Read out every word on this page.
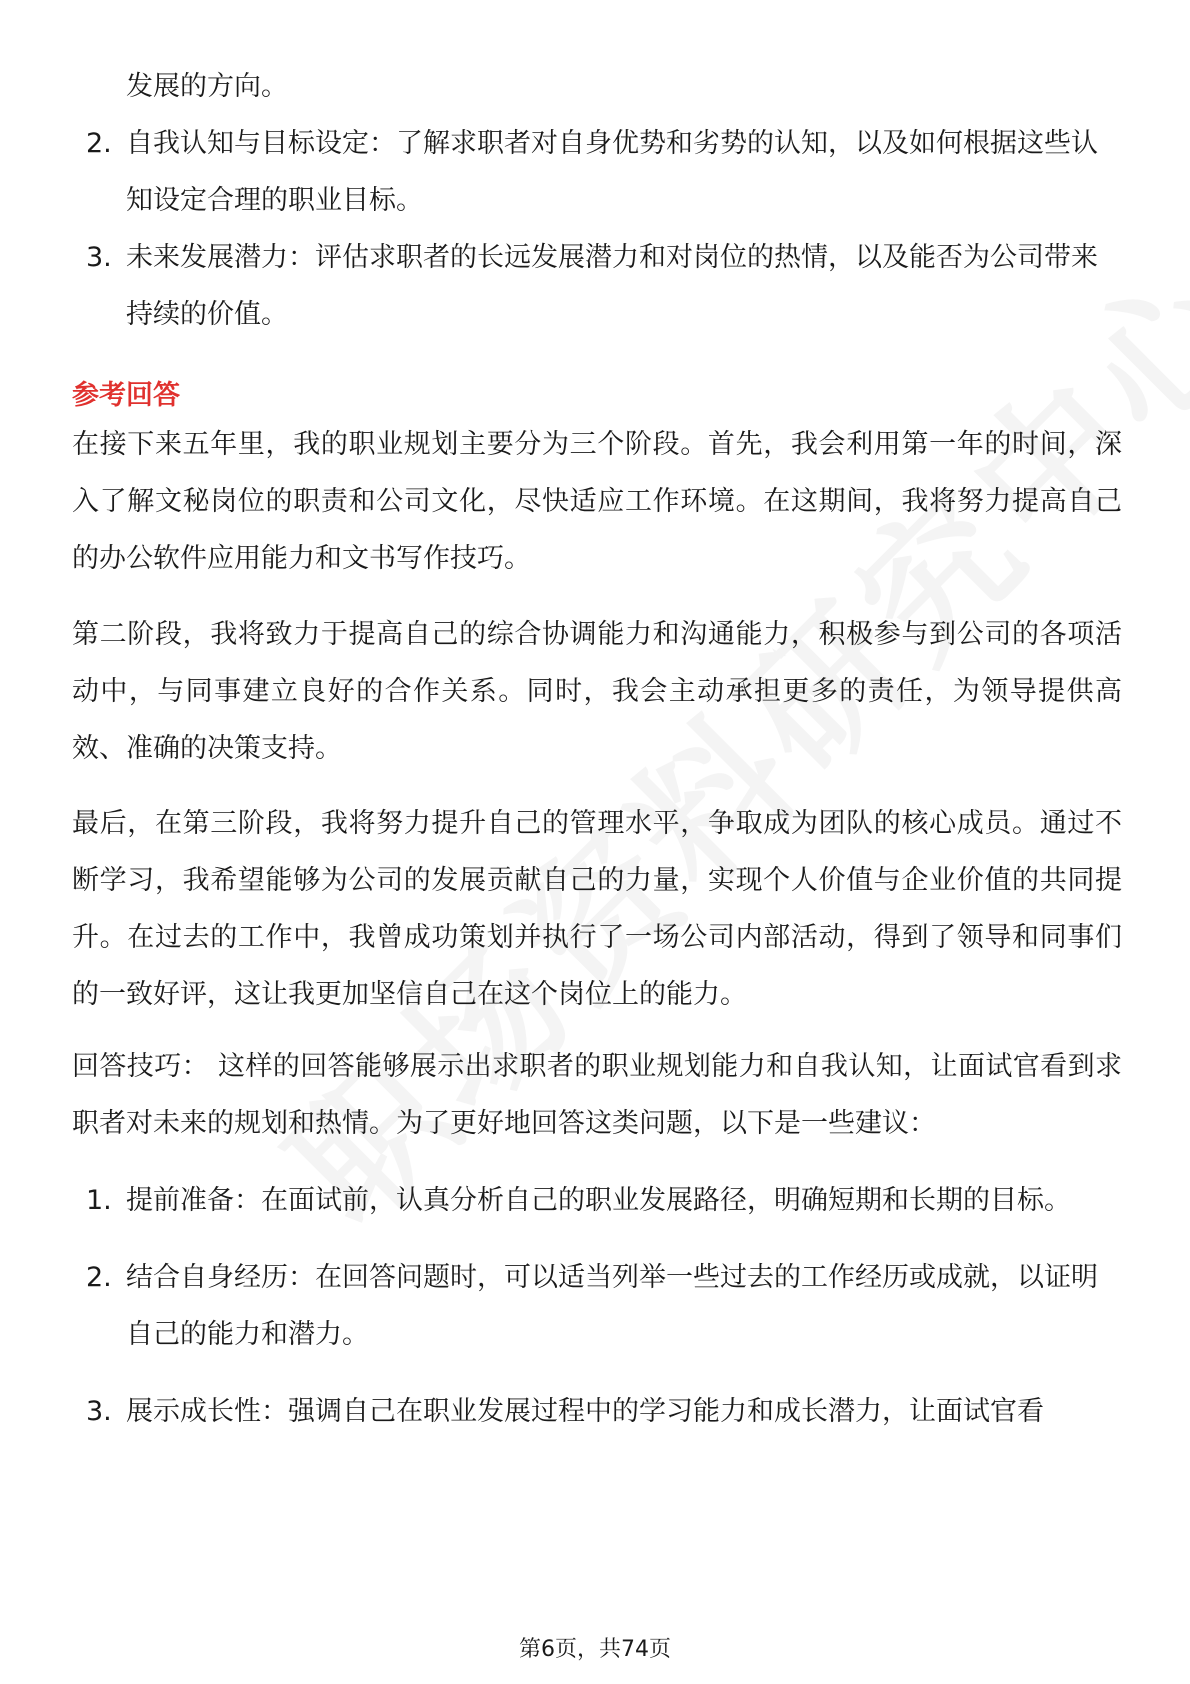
发展的方向。
2. 自我认知与目标设定：了解求职者对自身优势和劣势的认知，以及如何根据这些认知设定合理的职业目标。
3. 未来发展潜力：评估求职者的长远发展潜力和对岗位的热情，以及能否为公司带来持续的价值。
参考回答
在接下来五年里，我的职业规划主要分为三个阶段。首先，我会利用第一年的时间，深入了解文秘岗位的职责和公司文化，尽快适应工作环境。在这期间，我将努力提高自己的办公软件应用能力和文书写作技巧。
第二阶段，我将致力于提高自己的综合协调能力和沟通能力，积极参与到公司的各项活动中，与同事建立良好的合作关系。同时，我会主动承担更多的责任，为领导提供高效、准确的决策支持。
最后，在第三阶段，我将努力提升自己的管理水平，争取成为团队的核心成员。通过不断学习，我希望能够为公司的发展贡献自己的力量，实现个人价值与企业价值的共同提升。在过去的工作中，我曾成功策划并执行了一场公司内部活动，得到了领导和同事们的一致好评，这让我更加坚信自己在这个岗位上的能力。
回答技巧： 这样的回答能够展示出求职者的职业规划能力和自我认知，让面试官看到求职者对未来的规划和热情。为了更好地回答这类问题，以下是一些建议：
1. 提前准备：在面试前，认真分析自己的职业发展路径，明确短期和长期的目标。
2. 结合自身经历：在回答问题时，可以适当列举一些过去的工作经历或成就，以证明自己的能力和潜力。
3. 展示成长性：强调自己在职业发展过程中的学习能力和成长潜力，让面试官看
第6页，共74页
